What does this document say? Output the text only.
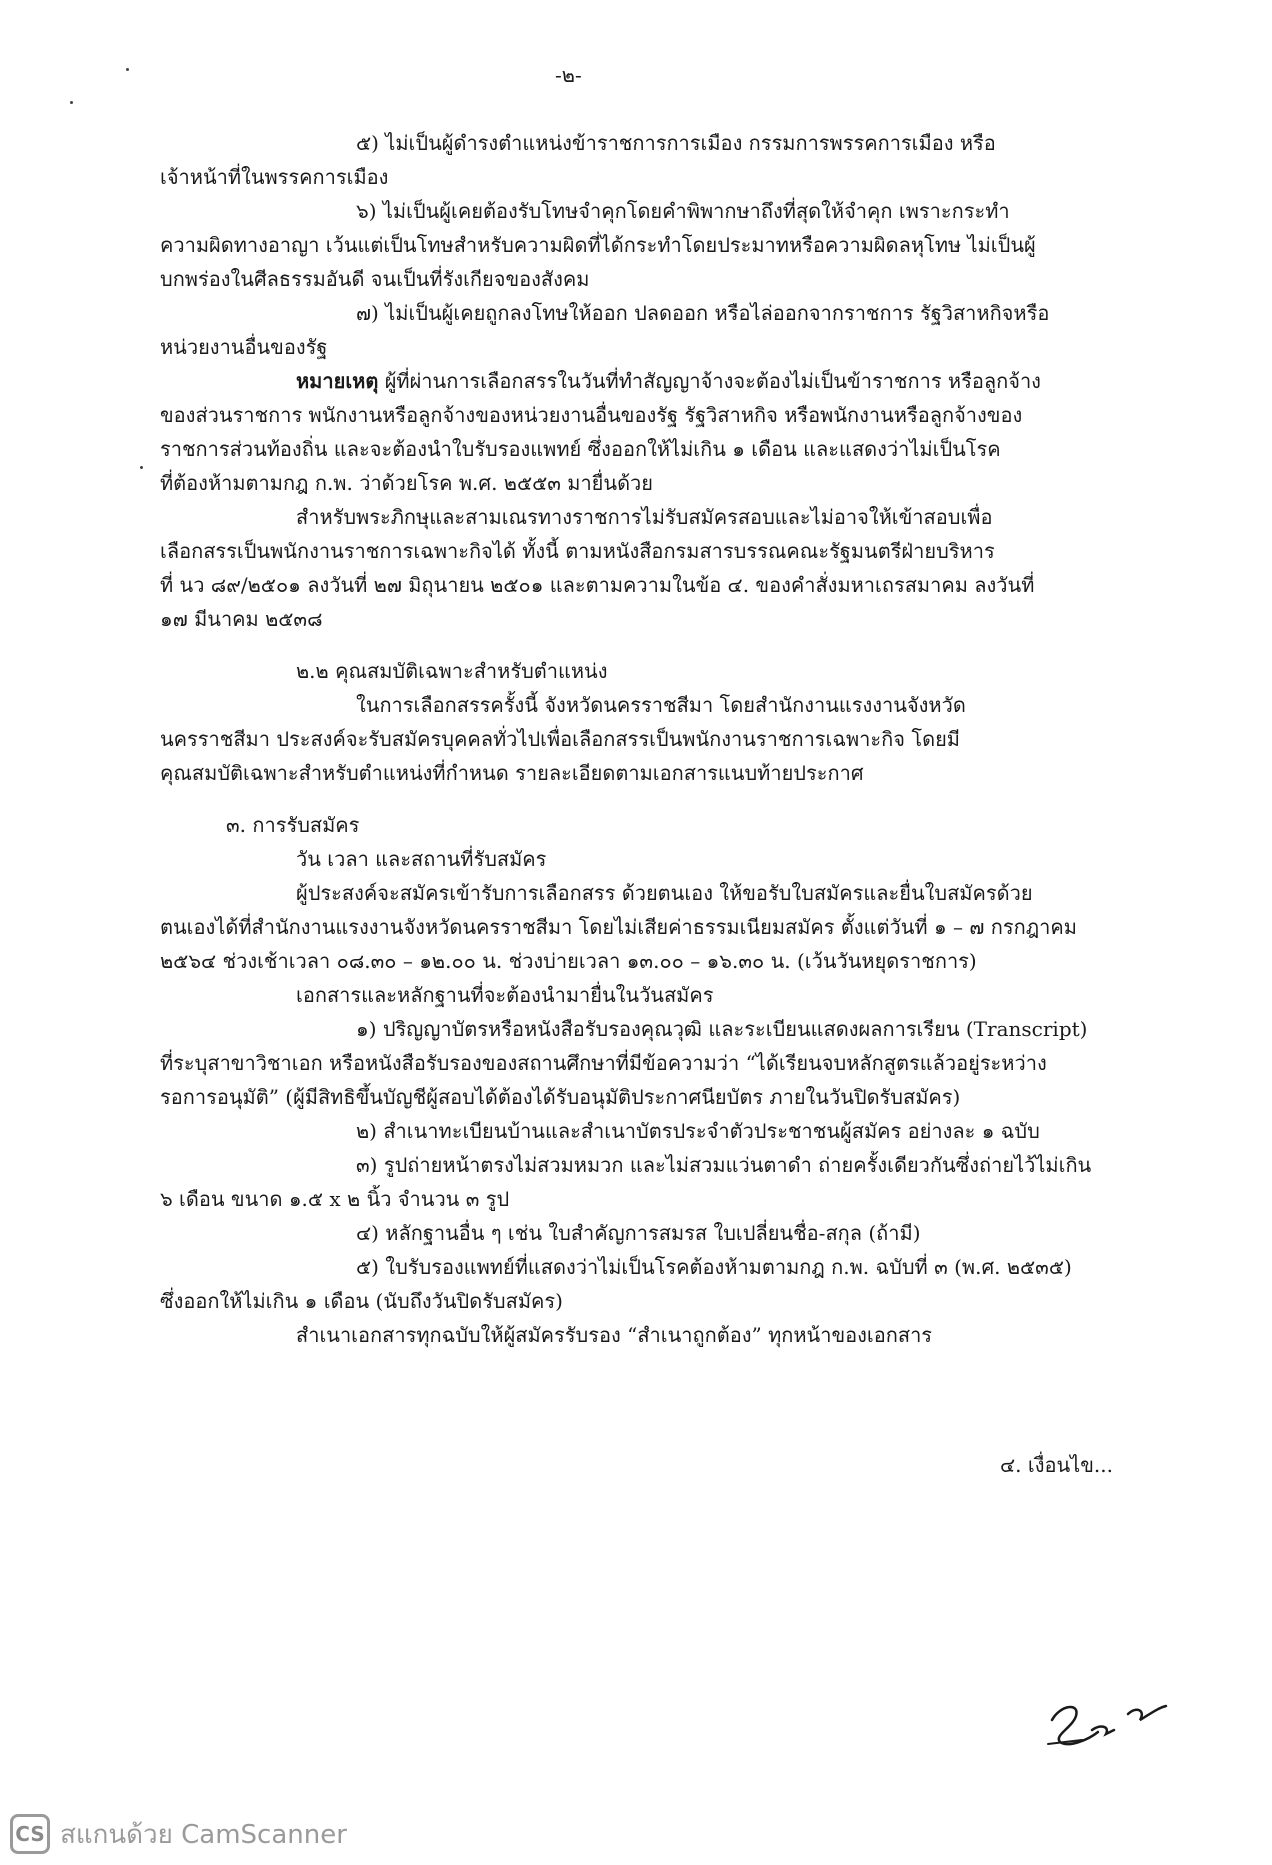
-๒-
๕) ไม่เป็นผู้ดำรงตำแหน่งข้าราชการการเมือง กรรมการพรรคการเมือง หรือ
เจ้าหน้าที่ในพรรคการเมือง
๖) ไม่เป็นผู้เคยต้องรับโทษจำคุกโดยคำพิพากษาถึงที่สุดให้จำคุก เพราะกระทำ
ความผิดทางอาญา เว้นแต่เป็นโทษสำหรับความผิดที่ได้กระทำโดยประมาทหรือความผิดลหุโทษ ไม่เป็นผู้
บกพร่องในศีลธรรมอันดี จนเป็นที่รังเกียจของสังคม
๗) ไม่เป็นผู้เคยถูกลงโทษให้ออก ปลดออก หรือไล่ออกจากราชการ รัฐวิสาหกิจหรือ
หน่วยงานอื่นของรัฐ
หมายเหตุ ผู้ที่ผ่านการเลือกสรรในวันที่ทำสัญญาจ้างจะต้องไม่เป็นข้าราชการ หรือลูกจ้าง
ของส่วนราชการ พนักงานหรือลูกจ้างของหน่วยงานอื่นของรัฐ รัฐวิสาหกิจ หรือพนักงานหรือลูกจ้างของ
ราชการส่วนท้องถิ่น และจะต้องนำใบรับรองแพทย์ ซึ่งออกให้ไม่เกิน ๑ เดือน และแสดงว่าไม่เป็นโรค
ที่ต้องห้ามตามกฎ ก.พ. ว่าด้วยโรค พ.ศ. ๒๕๕๓ มายื่นด้วย
สำหรับพระภิกษุและสามเณรทางราชการไม่รับสมัครสอบและไม่อาจให้เข้าสอบเพื่อ
เลือกสรรเป็นพนักงานราชการเฉพาะกิจได้ ทั้งนี้ ตามหนังสือกรมสารบรรณคณะรัฐมนตรีฝ่ายบริหาร
ที่ นว ๘๙/๒๕๐๑ ลงวันที่ ๒๗ มิถุนายน ๒๕๐๑ และตามความในข้อ ๔. ของคำสั่งมหาเถรสมาคม ลงวันที่
๑๗ มีนาคม ๒๕๓๘
๒.๒ คุณสมบัติเฉพาะสำหรับตำแหน่ง
ในการเลือกสรรครั้งนี้ จังหวัดนครราชสีมา โดยสำนักงานแรงงานจังหวัด
นครราชสีมา ประสงค์จะรับสมัครบุคคลทั่วไปเพื่อเลือกสรรเป็นพนักงานราชการเฉพาะกิจ โดยมี
คุณสมบัติเฉพาะสำหรับตำแหน่งที่กำหนด รายละเอียดตามเอกสารแนบท้ายประกาศ
๓. การรับสมัคร
วัน เวลา และสถานที่รับสมัคร
ผู้ประสงค์จะสมัครเข้ารับการเลือกสรร ด้วยตนเอง ให้ขอรับใบสมัครและยื่นใบสมัครด้วย
ตนเองได้ที่สำนักงานแรงงานจังหวัดนครราชสีมา โดยไม่เสียค่าธรรมเนียมสมัคร ตั้งแต่วันที่ ๑ – ๗ กรกฎาคม
๒๕๖๔ ช่วงเช้าเวลา ๐๘.๓๐ – ๑๒.๐๐ น. ช่วงบ่ายเวลา ๑๓.๐๐ – ๑๖.๓๐ น. (เว้นวันหยุดราชการ)
เอกสารและหลักฐานที่จะต้องนำมายื่นในวันสมัคร
๑) ปริญญาบัตรหรือหนังสือรับรองคุณวุฒิ และระเบียนแสดงผลการเรียน (Transcript)
ที่ระบุสาขาวิชาเอก หรือหนังสือรับรองของสถานศึกษาที่มีข้อความว่า “ได้เรียนจบหลักสูตรแล้วอยู่ระหว่าง
รอการอนุมัติ” (ผู้มีสิทธิขึ้นบัญชีผู้สอบได้ต้องได้รับอนุมัติประกาศนียบัตร ภายในวันปิดรับสมัคร)
๒) สำเนาทะเบียนบ้านและสำเนาบัตรประจำตัวประชาชนผู้สมัคร อย่างละ ๑ ฉบับ
๓) รูปถ่ายหน้าตรงไม่สวมหมวก และไม่สวมแว่นตาดำ ถ่ายครั้งเดียวกันซึ่งถ่ายไว้ไม่เกิน
๖ เดือน ขนาด ๑.๕ x ๒ นิ้ว จำนวน ๓ รูป
๔) หลักฐานอื่น ๆ เช่น ใบสำคัญการสมรส ใบเปลี่ยนชื่อ-สกุล (ถ้ามี)
๕) ใบรับรองแพทย์ที่แสดงว่าไม่เป็นโรคต้องห้ามตามกฎ ก.พ. ฉบับที่ ๓ (พ.ศ. ๒๕๓๕)
ซึ่งออกให้ไม่เกิน ๑ เดือน (นับถึงวันปิดรับสมัคร)
สำเนาเอกสารทุกฉบับให้ผู้สมัครรับรอง “สำเนาถูกต้อง” ทุกหน้าของเอกสาร
๔. เงื่อนไข...
CS สแกนด้วย CamScanner
